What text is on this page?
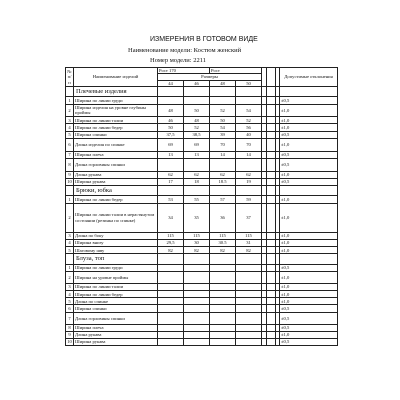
ИЗМЕРЕНИЯ В ГОТОВОМ ВИДЕ
Наименование модели: Костюм женский
Номер модели: 2211
№ п/п	Наименование изделий	Рост 170		Рост					Допустимые отклонения
		Размеры							
		44	46	48	50				
	Плечевые изделия								
1	Ширина по линии груди								±0,5
2	Ширина изделия на уровне глубины проймы	48	50	52	54				±1,0
3	Ширина по линии талии	46	48	50	52				±1,0
4	Ширина по линии бедер	50	52	54	56				±1,0
5	Ширина спинки	37,5	38,5	39	40				±0,5
6	Длина изделия по спинке	69	69	70	70				±1,0
7	Ширина плеча	13	13	14	14				±0,5
8	Длина горловины спинки								±0,5
9	Длина рукава	62	62	62	62				±1,0
10	Ширина рукава	17	18	18.5	19				±0,5
	Брюки, юбка								
1	Ширина по линии бедер	53	55	57	59				±1,0
2	Ширина по линии талии в нерастянутом состоянии (резинка по спинке)	34	35	36	37				±1,0
3	Длина по боку	115	115	115	115				±1,0
4	Ширина внизу	29,5	30	30.5	31				±1,0
5	Шаговому шву	82	82	82	82				±1,0
	Блуза, топ								
1	Ширина по линии груди								±0,5
2	Ширина на уровне проймы								±1,0
3	Ширина по линии талии								±1,0
4	Ширина по линии бедер								±1,0
5	Длина по спинке								±1,0
6	Ширина спинки								±0,5
7	Длина горловины спинки								±0,5
8	Ширина плеча								±0,5
9	Длина рукава								±1,0
10	Ширина рукава								±0,5
